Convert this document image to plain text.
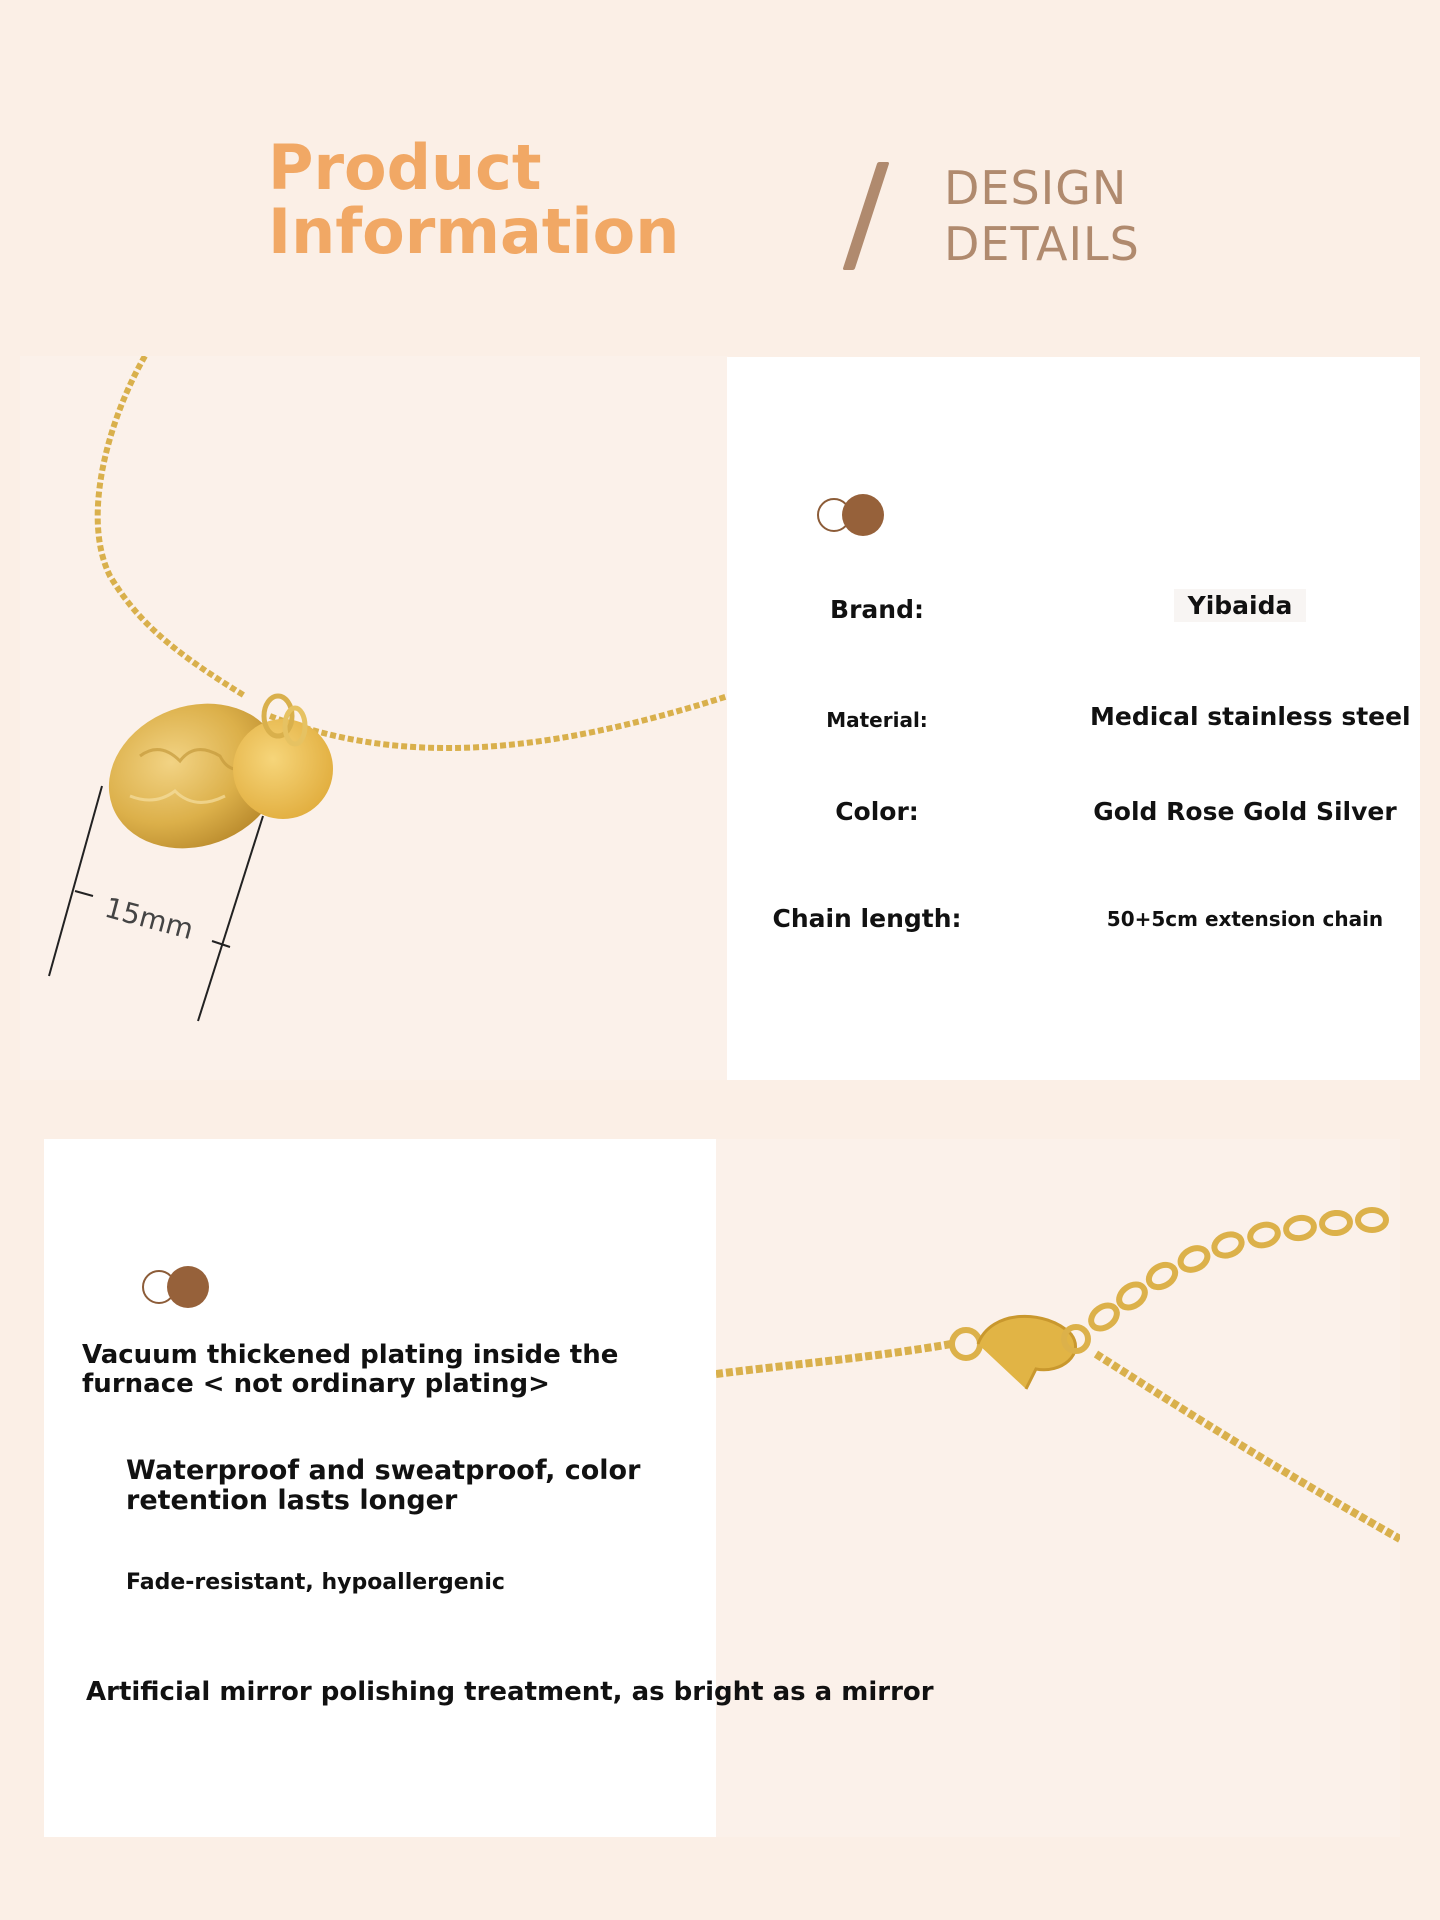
Product
Information
DESIGN
DETAILS
15mm
Brand:	Yibaida
Material:	Medical stainless steel
Color:	Gold Rose Gold Silver
Chain length:	50+5cm extension chain
Vacuum thickened plating inside the furnace < not ordinary plating>
Waterproof and sweatproof, color retention lasts longer
Fade-resistant, hypoallergenic
Artificial mirror polishing treatment, as bright as a mirror
